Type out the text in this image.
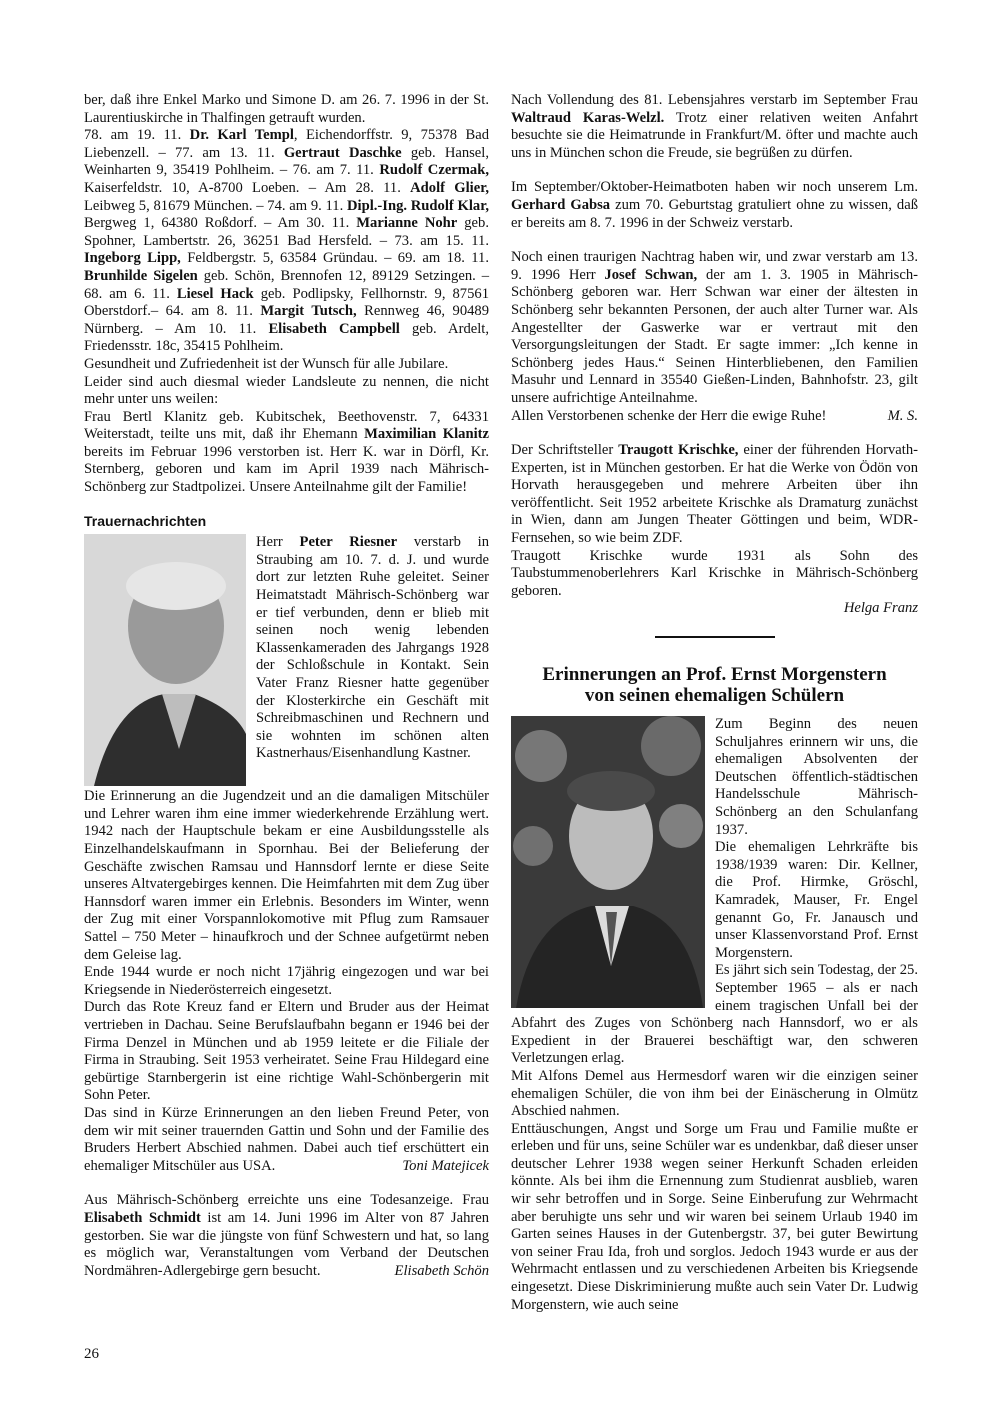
ber, daß ihre Enkel Marko und Simone D. am 26. 7. 1996 in der St. Laurentiuskirche in Thalfingen getrauft wurden.
78. am 19. 11. Dr. Karl Templ, Eichendorffstr. 9, 75378 Bad Liebenzell. – 77. am 13. 11. Gertraut Daschke geb. Hansel, Weinharten 9, 35419 Pohlheim. – 76. am 7. 11. Rudolf Czermak, Kaiserfeldstr. 10, A-8700 Loeben. – Am 28. 11. Adolf Glier, Leibweg 5, 81679 München. – 74. am 9. 11. Dipl.-Ing. Rudolf Klar, Bergweg 1, 64380 Roßdorf. – Am 30. 11. Marianne Nohr geb. Spohner, Lambertstr. 26, 36251 Bad Hersfeld. – 73. am 15. 11. Ingeborg Lipp, Feldbergstr. 5, 63584 Gründau. – 69. am 18. 11. Brunhilde Sigelen geb. Schön, Brennofen 12, 89129 Setzingen. – 68. am 6. 11. Liesel Hack geb. Podlipsky, Fellhornstr. 9, 87561 Oberstdorf.– 64. am 8. 11. Margit Tutsch, Rennweg 46, 90489 Nürnberg. – Am 10. 11. Elisabeth Campbell geb. Ardelt, Friedensstr. 18c, 35415 Pohlheim.

Gesundheit und Zufriedenheit ist der Wunsch für alle Jubilare.

Leider sind auch diesmal wieder Landsleute zu nennen, die nicht mehr unter uns weilen:

Frau Bertl Klanitz geb. Kubitschek, Beethovenstr. 7, 64331 Weiterstadt, teilte uns mit, daß ihr Ehemann Maximilian Klanitz bereits im Februar 1996 verstorben ist. Herr K. war in Dörfl, Kr. Sternberg, geboren und kam im April 1939 nach Mährisch-Schönberg zur Stadtpolizei. Unsere Anteilnahme gilt der Familie!

Trauernachrichten

Herr Peter Riesner verstarb in Straubing am 10. 7. d. J. und wurde dort zur letzten Ruhe geleitet. Seiner Heimatstadt Mährisch-Schönberg war er tief verbunden, denn er blieb mit seinen noch wenig lebenden Klassenkameraden des Jahrgangs 1928 der Schloßschule in Kontakt. Sein Vater Franz Riesner hatte gegenüber der Klosterkirche ein Geschäft mit Schreibmaschinen und Rechnern und sie wohnten im schönen alten Kastnerhaus/Eisenhandlung Kastner.

Die Erinnerung an die Jugendzeit und an die damaligen Mitschüler und Lehrer waren ihm eine immer wiederkehrende Erzählung wert. 1942 nach der Hauptschule bekam er eine Ausbildungsstelle als Einzelhandelskaufmann in Spornhau. Bei der Belieferung der Geschäfte zwischen Ramsau und Hannsdorf lernte er diese Seite unseres Altvatergebirges kennen. Die Heimfahrten mit dem Zug über Hannsdorf waren immer ein Erlebnis. Besonders im Winter, wenn der Zug mit einer Vorspannlokomotive mit Pflug zum Ramsauer Sattel – 750 Meter – hinaufkroch und der Schnee aufgetürmt neben dem Geleise lag.

Ende 1944 wurde er noch nicht 17jährig eingezogen und war bei Kriegsende in Niederösterreich eingesetzt.

Durch das Rote Kreuz fand er Eltern und Bruder aus der Heimat vertrieben in Dachau. Seine Berufslaufbahn begann er 1946 bei der Firma Denzel in München und ab 1959 leitete er die Filiale der Firma in Straubing. Seit 1953 verheiratet. Seine Frau Hildegard eine gebürtige Starnbergerin ist eine richtige Wahl-Schönbergerin mit Sohn Peter.

Das sind in Kürze Erinnerungen an den lieben Freund Peter, von dem wir mit seiner trauernden Gattin und Sohn und der Familie des Bruders Herbert Abschied nahmen. Dabei auch tief erschüttert ein ehemaliger Mitschüler aus USA.	Toni Matejicek

Aus Mährisch-Schönberg erreichte uns eine Todesanzeige. Frau Elisabeth Schmidt ist am 14. Juni 1996 im Alter von 87 Jahren gestorben. Sie war die jüngste von fünf Schwestern und hat, so lang es möglich war, Veranstaltungen vom Verband der Deutschen Nordmähren-Adlergebirge gern besucht.	Elisabeth Schön

Nach Vollendung des 81. Lebensjahres verstarb im September Frau Waltraud Karas-Welzl. Trotz einer relativen weiten Anfahrt besuchte sie die Heimatrunde in Frankfurt/M. öfter und machte auch uns in München schon die Freude, sie begrüßen zu dürfen.

Im September/Oktober-Heimatboten haben wir noch unserem Lm. Gerhard Gabsa zum 70. Geburtstag gratuliert ohne zu wissen, daß er bereits am 8. 7. 1996 in der Schweiz verstarb.

Noch einen traurigen Nachtrag haben wir, und zwar verstarb am 13. 9. 1996 Herr Josef Schwan, der am 1. 3. 1905 in Mährisch-Schönberg geboren war. Herr Schwan war einer der ältesten in Schönberg sehr bekannten Personen, der auch alter Turner war. Als Angestellter der Gaswerke war er vertraut mit den Versorgungsleitungen der Stadt. Er sagte immer: „Ich kenne in Schönberg jedes Haus.“ Seinen Hinterbliebenen, den Familien Masuhr und Lennard in 35540 Gießen-Linden, Bahnhofstr. 23, gilt unsere aufrichtige Anteilnahme.

Allen Verstorbenen schenke der Herr die ewige Ruhe!	M. S.

Der Schriftsteller Traugott Krischke, einer der führenden Horvath-Experten, ist in München gestorben. Er hat die Werke von Ödön von Horvath herausgegeben und mehrere Arbeiten über ihn veröffentlicht. Seit 1952 arbeitete Krischke als Dramaturg zunächst in Wien, dann am Jungen Theater Göttingen und beim, WDR-Fernsehen, so wie beim ZDF.

Traugott Krischke wurde 1931 als Sohn des Taubstummenoberlehrers Karl Krischke in Mährisch-Schönberg geboren.

Helga Franz

Erinnerungen an Prof. Ernst Morgenstern
von seinen ehemaligen Schülern

Zum Beginn des neuen Schuljahres erinnern wir uns, die ehemaligen Absolventen der Deutschen öffentlich-städtischen Handelsschule Mährisch-Schönberg an den Schulanfang 1937.

Die ehemaligen Lehrkräfte bis 1938/1939 waren: Dir. Kellner, die Prof. Hirmke, Gröschl, Kamradek, Mauser, Fr. Engel genannt Go, Fr. Janausch und unser Klassenvorstand Prof. Ernst Morgenstern.

Es jährt sich sein Todestag, der 25. September 1965 – als er nach einem tragischen Unfall bei der Abfahrt des Zuges von Schönberg nach Hannsdorf, wo er als Expedient in der Brauerei beschäftigt war, den schweren Verletzungen erlag.

Mit Alfons Demel aus Hermesdorf waren wir die einzigen seiner ehemaligen Schüler, die von ihm bei der Einäscherung in Olmütz Abschied nahmen.

Enttäuschungen, Angst und Sorge um Frau und Familie mußte er erleben und für uns, seine Schüler war es undenkbar, daß dieser unser deutscher Lehrer 1938 wegen seiner Herkunft Schaden erleiden könnte. Als bei ihm die Ernennung zum Studienrat ausblieb, waren wir sehr betroffen und in Sorge. Seine Einberufung zur Wehrmacht aber beruhigte uns sehr und wir waren bei seinem Urlaub 1940 im Garten seines Hauses in der Gutenbergstr. 37, bei guter Bewirtung von seiner Frau Ida, froh und sorglos. Jedoch 1943 wurde er aus der Wehrmacht entlassen und zu verschiedenen Arbeiten bis Kriegsende eingesetzt. Diese Diskriminierung mußte auch sein Vater Dr. Ludwig Morgenstern, wie auch seine

26
